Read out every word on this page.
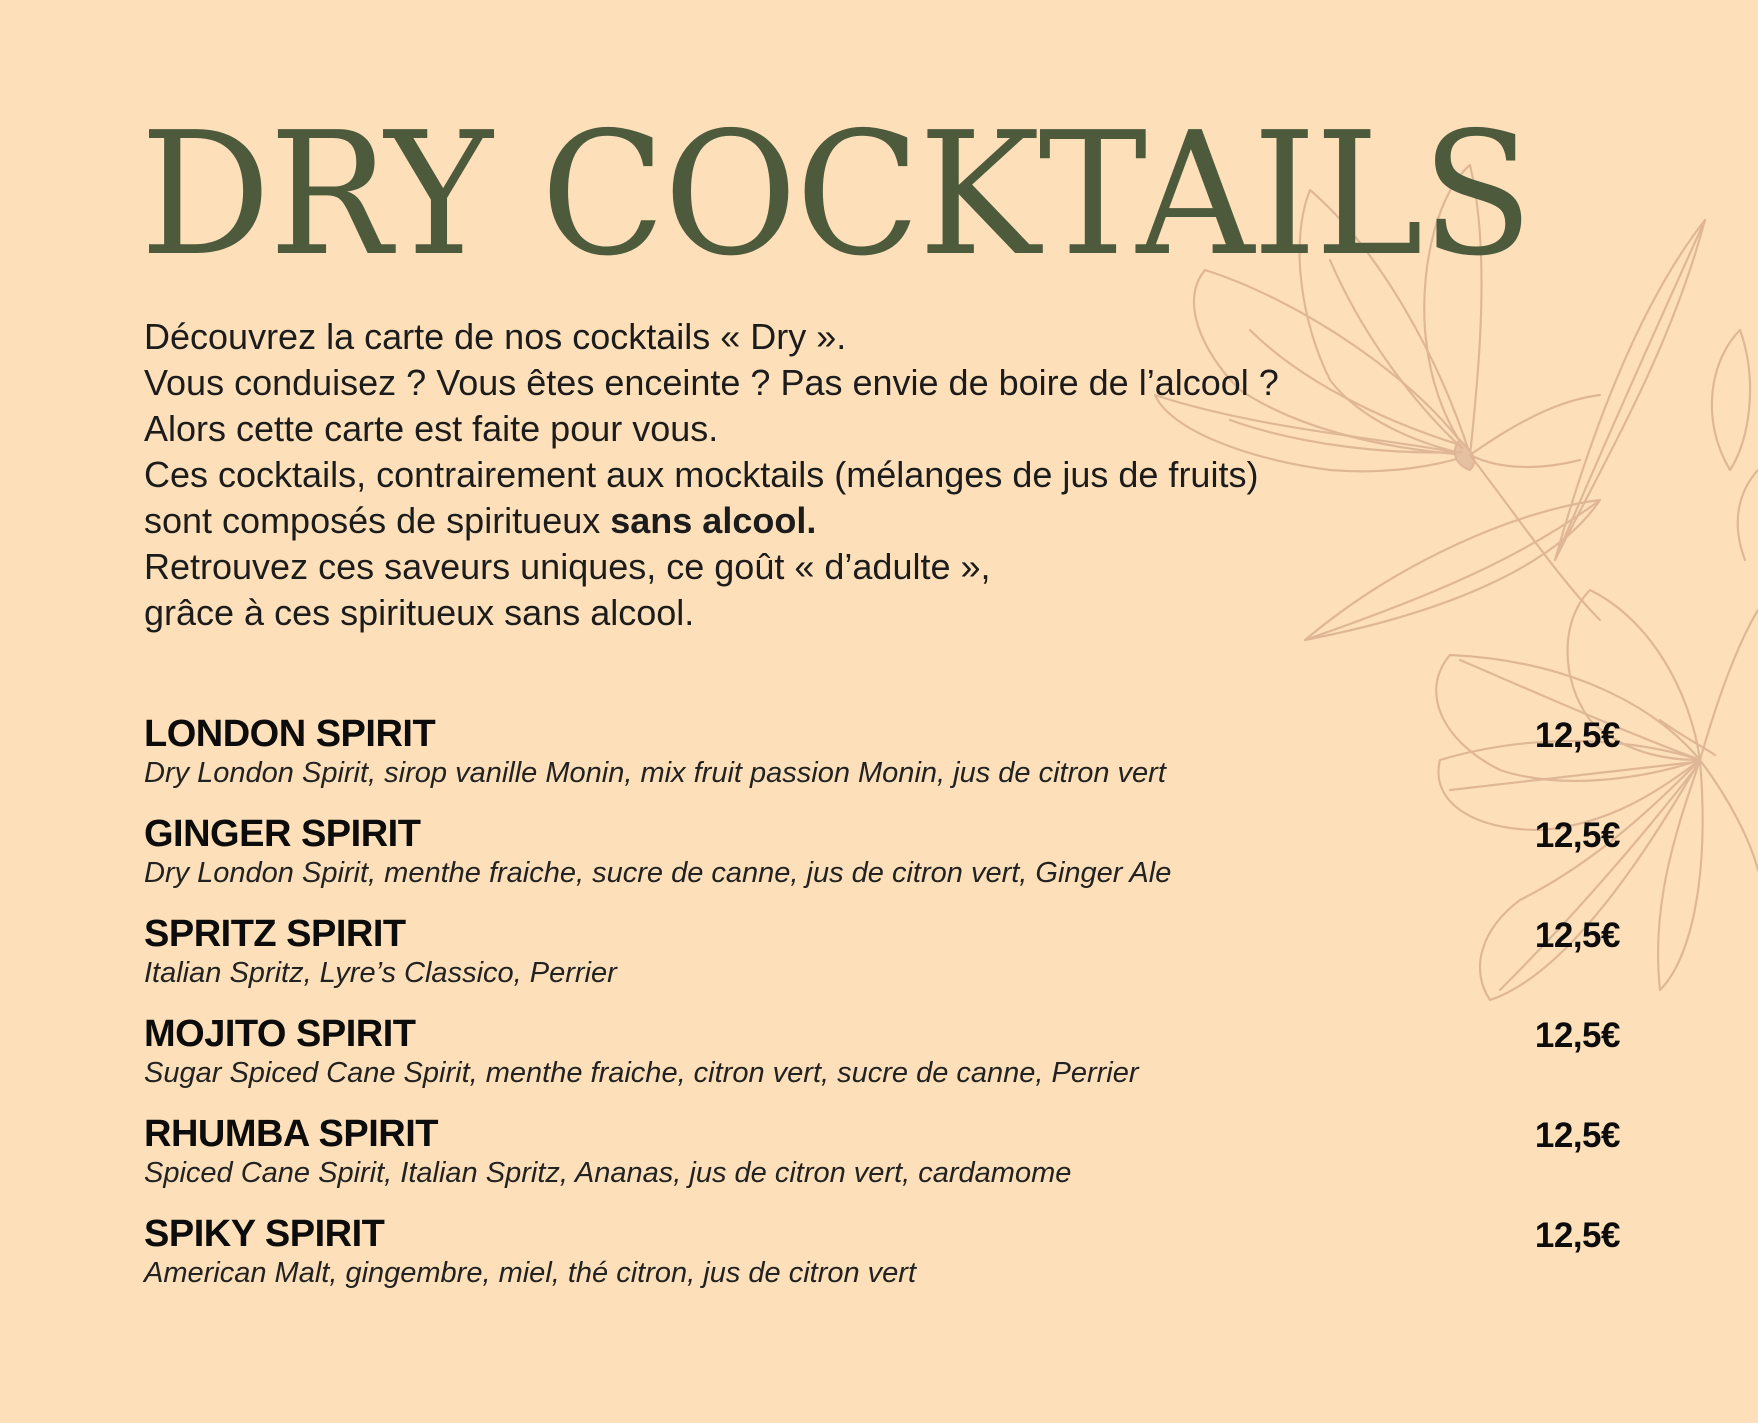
DRY COCKTAILS
Découvrez la carte de nos cocktails « Dry ».
Vous conduisez ? Vous êtes enceinte ? Pas envie de boire de l’alcool ?
Alors cette carte est faite pour vous.
Ces cocktails, contrairement aux mocktails (mélanges de jus de fruits)
sont composés de spiritueux sans alcool.
Retrouvez ces saveurs uniques, ce goût « d’adulte »,
grâce à ces spiritueux sans alcool.
LONDON SPIRIT
Dry London Spirit, sirop vanille Monin, mix fruit passion Monin, jus de citron vert
12,5€
GINGER SPIRIT
Dry London Spirit, menthe fraiche, sucre de canne, jus de citron vert, Ginger Ale
12,5€
SPRITZ SPIRIT
Italian Spritz, Lyre’s Classico, Perrier
12,5€
MOJITO SPIRIT
Sugar Spiced Cane Spirit, menthe fraiche, citron vert, sucre de canne, Perrier
12,5€
RHUMBA SPIRIT
Spiced Cane Spirit, Italian Spritz, Ananas, jus de citron vert, cardamome
12,5€
SPIKY SPIRIT
American Malt, gingembre, miel, thé citron, jus de citron vert
12,5€
